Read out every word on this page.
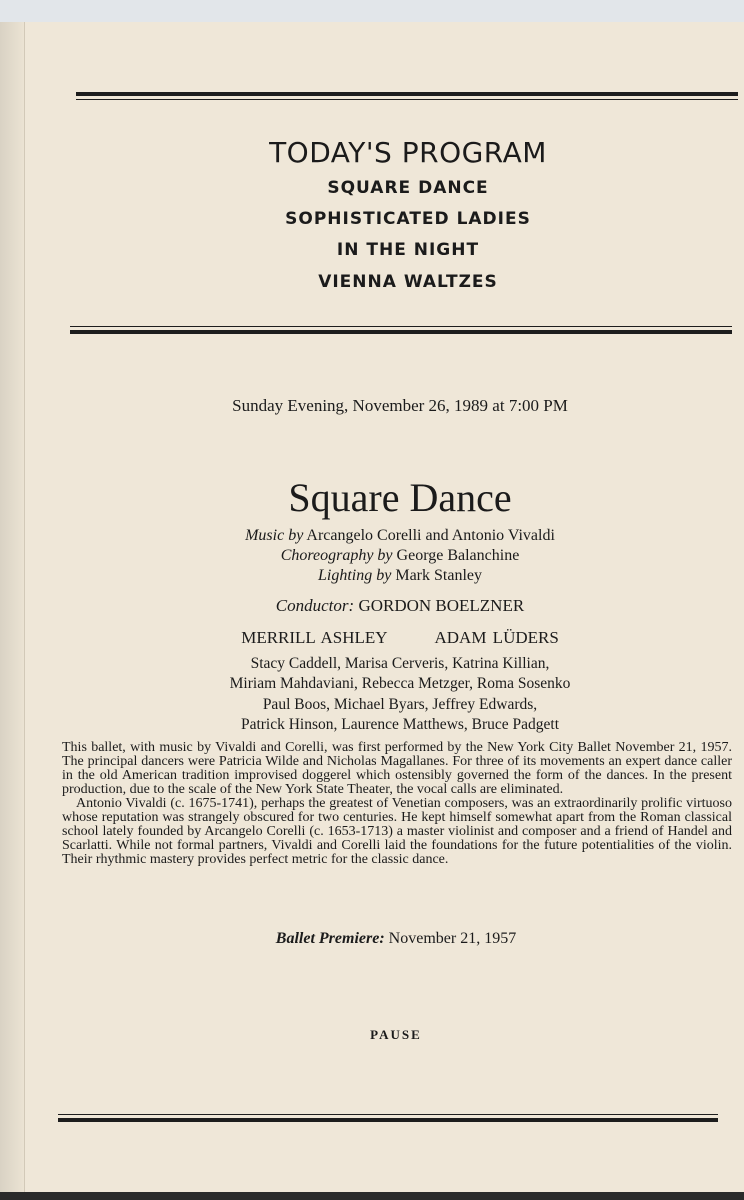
TODAY'S PROGRAM
SQUARE DANCE
SOPHISTICATED LADIES
IN THE NIGHT
VIENNA WALTZES
Sunday Evening, November 26, 1989 at 7:00 PM
Square Dance
Music by Arcangelo Corelli and Antonio Vivaldi
Choreography by George Balanchine
Lighting by Mark Stanley
Conductor: GORDON BOELZNER
MERRILL ASHLEY	ADAM LÜDERS
Stacy Caddell, Marisa Cerveris, Katrina Killian,
Miriam Mahdaviani, Rebecca Metzger, Roma Sosenko
Paul Boos, Michael Byars, Jeffrey Edwards,
Patrick Hinson, Laurence Matthews, Bruce Padgett

This ballet, with music by Vivaldi and Corelli, was first performed by the New York City Ballet November 21, 1957. The principal dancers were Patricia Wilde and Nicholas Magallanes. For three of its movements an expert dance caller in the old American tradition improvised doggerel which ostensibly governed the form of the dances. In the present production, due to the scale of the New York State Theater, the vocal calls are eliminated.

Antonio Vivaldi (c. 1675-1741), perhaps the greatest of Venetian composers, was an extraordinarily prolific virtuoso whose reputation was strangely obscured for two centuries. He kept himself somewhat apart from the Roman classical school lately founded by Arcangelo Corelli (c. 1653-1713) a master violinist and composer and a friend of Handel and Scarlatti. While not formal partners, Vivaldi and Corelli laid the foundations for the future potentialities of the violin. Their rhythmic mastery provides perfect metric for the classic dance.

Ballet Premiere: November 21, 1957
PAUSE
